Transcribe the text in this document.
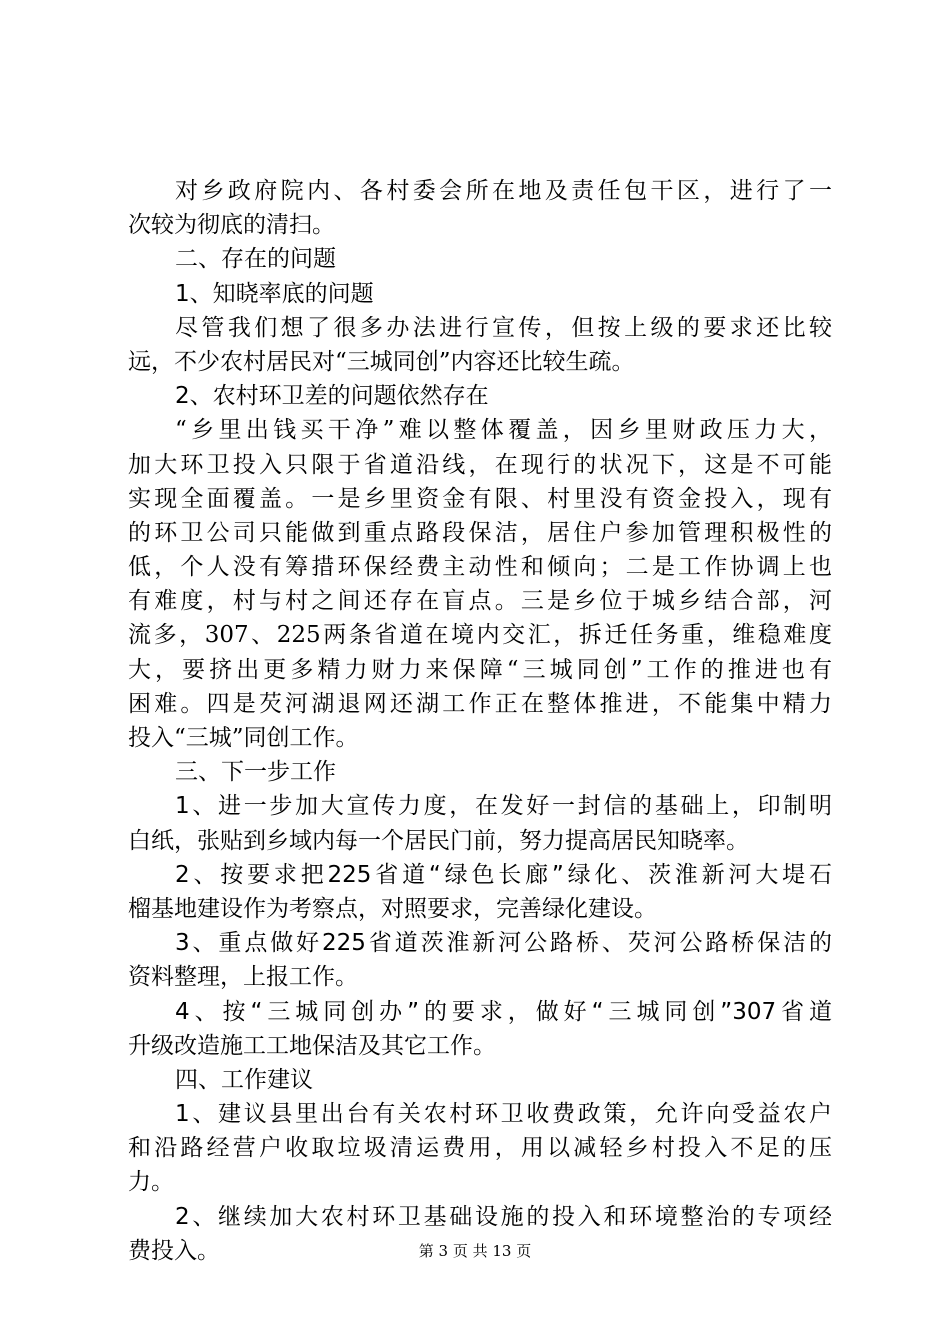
对乡政府院内、各村委会所在地及责任包干区，进行了一
次较为彻底的清扫。
二、存在的问题
1、知晓率底的问题
尽管我们想了很多办法进行宣传，但按上级的要求还比较
远，不少农村居民对“三城同创”内容还比较生疏。
2、农村环卫差的问题依然存在
“乡里出钱买干净”难以整体覆盖，因乡里财政压力大，
加大环卫投入只限于省道沿线，在现行的状况下，这是不可能
实现全面覆盖。一是乡里资金有限、村里没有资金投入，现有
的环卫公司只能做到重点路段保洁，居住户参加管理积极性的
低，个人没有筹措环保经费主动性和倾向；二是工作协调上也
有难度，村与村之间还存在盲点。三是乡位于城乡结合部，河
流多，307、225两条省道在境内交汇，拆迁任务重，维稳难度
大，要挤出更多精力财力来保障“三城同创”工作的推进也有
困难。四是芡河湖退网还湖工作正在整体推进，不能集中精力
投入“三城”同创工作。
三、下一步工作
1、进一步加大宣传力度，在发好一封信的基础上，印制明
白纸，张贴到乡域内每一个居民门前，努力提高居民知晓率。
2、按要求把225省道“绿色长廊”绿化、茨淮新河大堤石
榴基地建设作为考察点，对照要求，完善绿化建设。
3、重点做好225省道茨淮新河公路桥、芡河公路桥保洁的
资料整理，上报工作。
4、按“三城同创办”的要求，做好“三城同创”307省道
升级改造施工工地保洁及其它工作。
四、工作建议
1、建议县里出台有关农村环卫收费政策，允许向受益农户
和沿路经营户收取垃圾清运费用，用以减轻乡村投入不足的压
力。
2、继续加大农村环卫基础设施的投入和环境整治的专项经
费投入。	第 3 页 共 13 页
